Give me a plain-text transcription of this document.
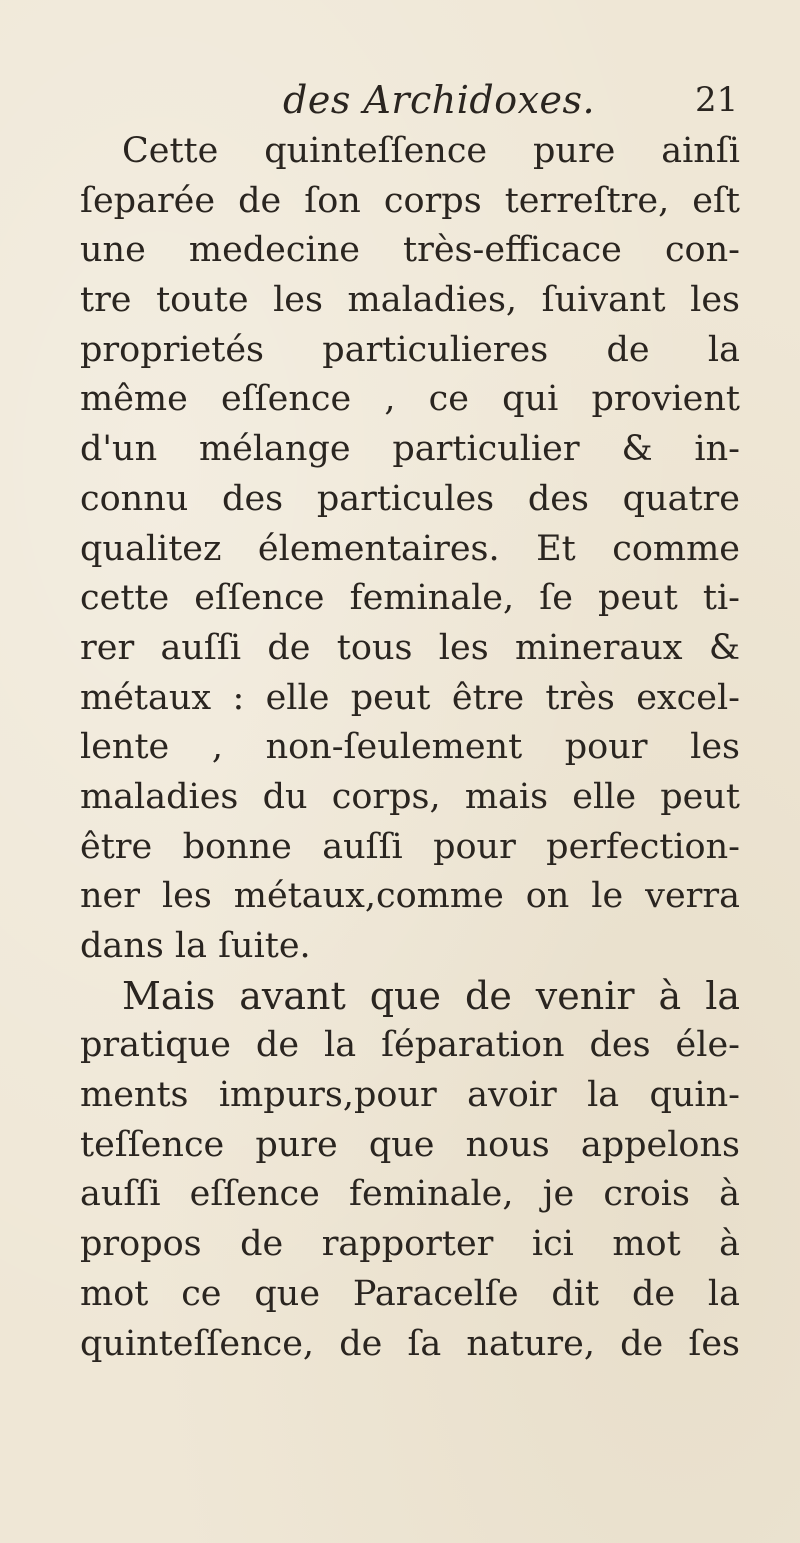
des Archidoxes.	21
Cette quinteſſence pure ainſi
ſeparée de ſon corps terreſtre, eſt
une medecine très-efficace con-
tre toute les maladies, ſuivant les
proprietés particulieres de la
même eſſence , ce qui provient
d'un mélange particulier & in-
connu des particules des quatre
qualitez élementaires. Et comme
cette eſſence feminale, ſe peut ti-
rer auſſi de tous les mineraux &
métaux : elle peut être très excel-
lente , non-ſeulement pour les
maladies du corps, mais elle peut
être bonne auſſi pour perfection-
ner les métaux,comme on le verra
dans la ſuite.
Mais avant que de venir à la
pratique de la ſéparation des éle-
ments impurs,pour avoir la quin-
teſſence pure que nous appelons
auſſi eſſence feminale, je crois à
propos de rapporter ici mot à
mot ce que Paracelſe dit de la
quinteſſence, de ſa nature, de ſes
